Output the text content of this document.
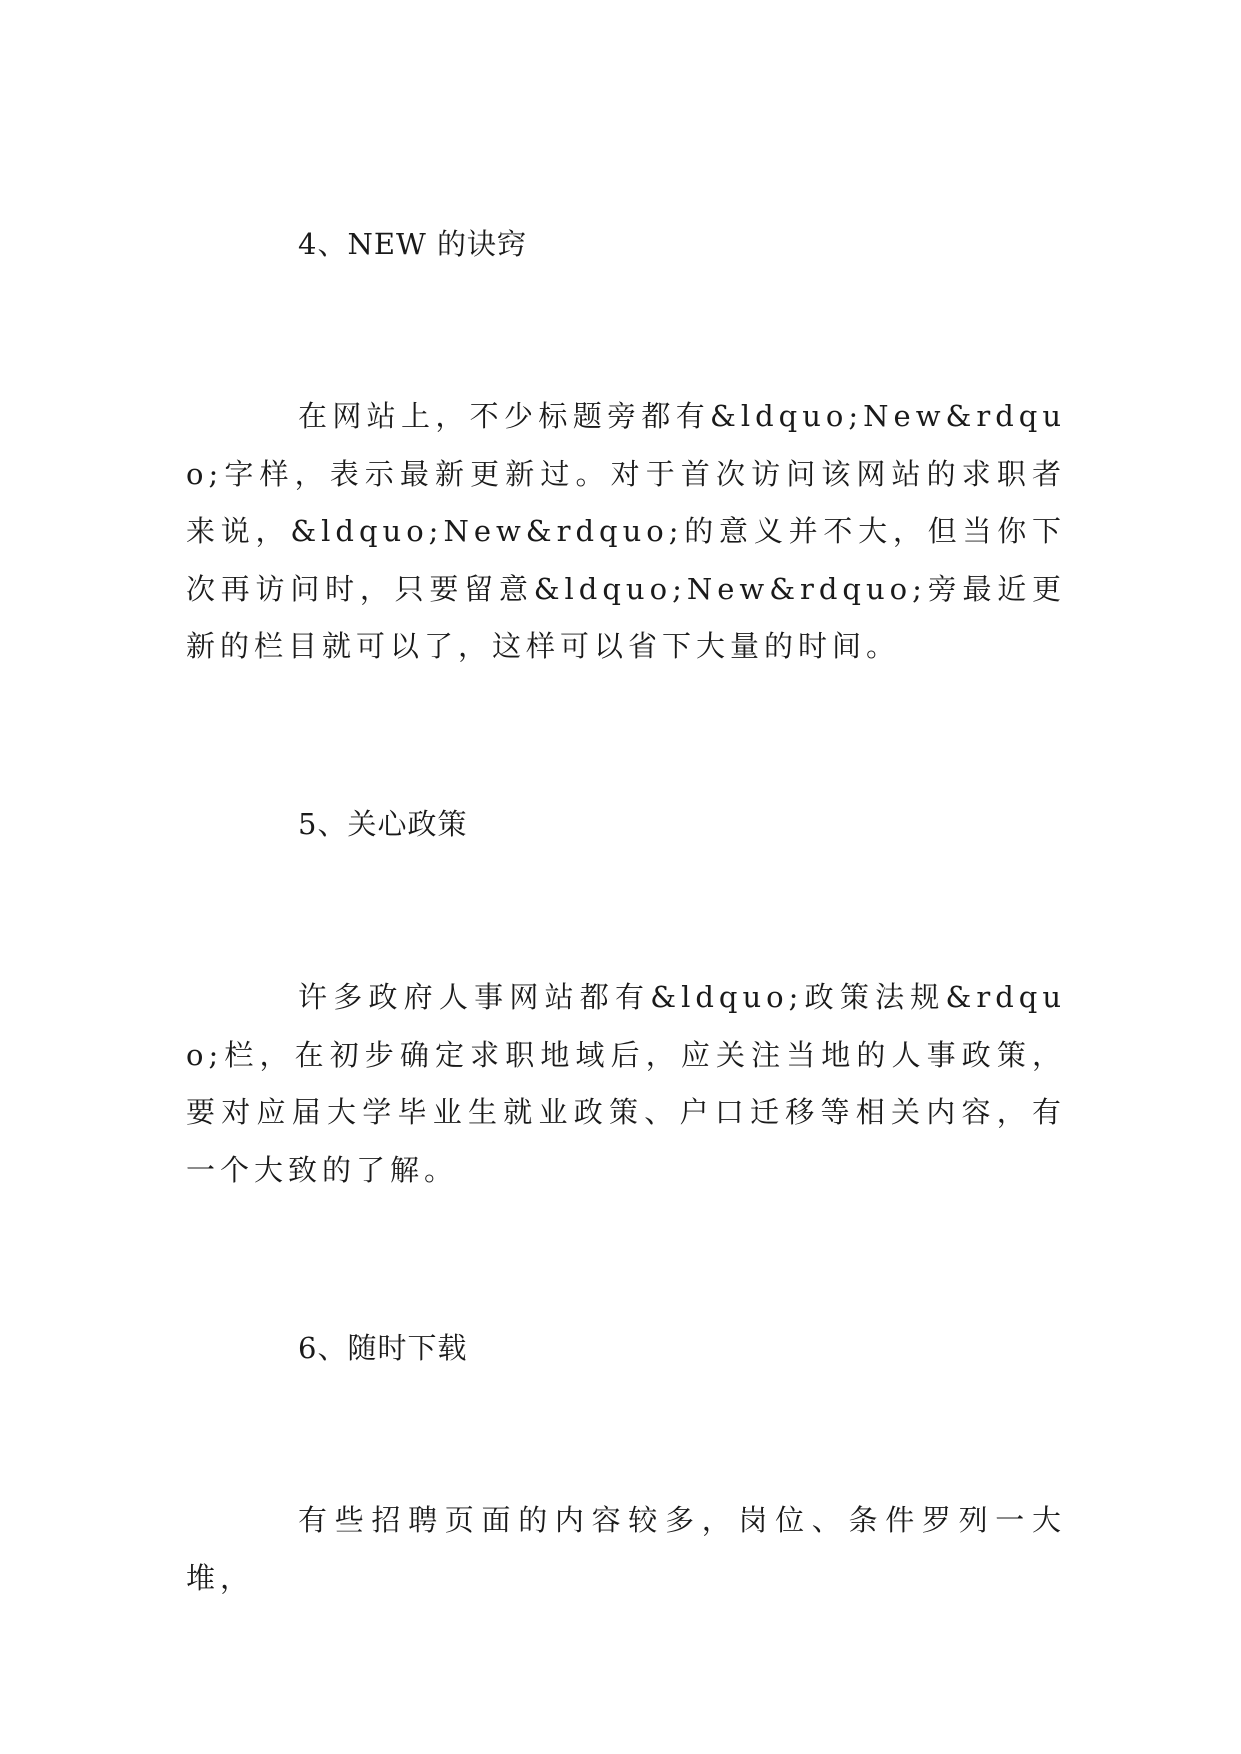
4、NEW 的诀窍
在网站上，不少标题旁都有&ldquo;New&rdquo;字样，表示最新更新过。对于首次访问该网站的求职者来说，&ldquo;New&rdquo;的意义并不大，但当你下次再访问时，只要留意&ldquo;New&rdquo;旁最近更新的栏目就可以了，这样可以省下大量的时间。
5、关心政策
许多政府人事网站都有&ldquo;政策法规&rdquo;栏，在初步确定求职地域后，应关注当地的人事政策，要对应届大学毕业生就业政策、户口迁移等相关内容，有一个大致的了解。
6、随时下载
有些招聘页面的内容较多，岗位、条件罗列一大堆，
